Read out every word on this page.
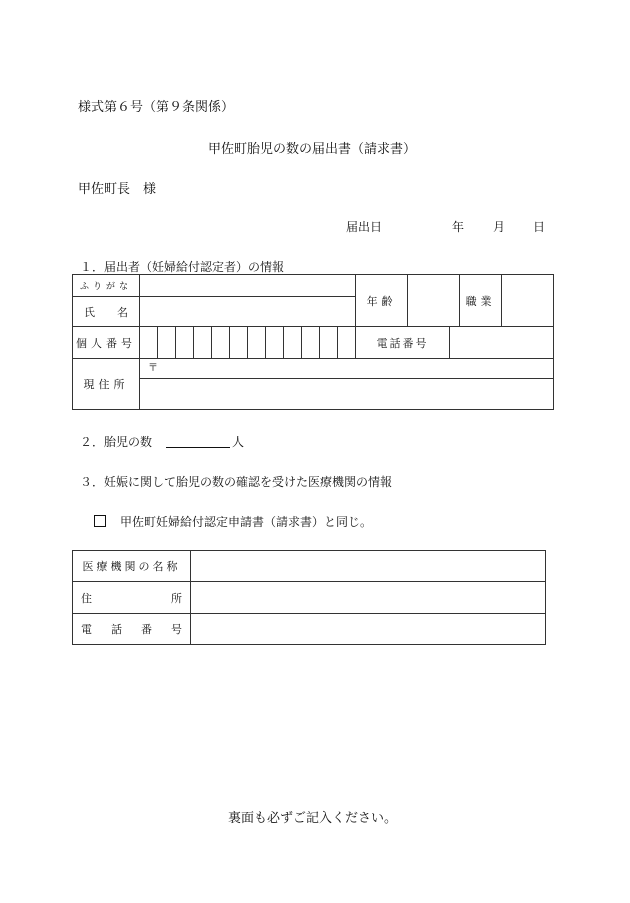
様式第６号（第９条関係）
甲佐町胎児の数の届出書（請求書）
甲佐町長　様
届出日	年 月 日
１．届出者（妊婦給付認定者）の情報
ふりがな													年齢			職業	
氏　　名																	
個人番号													電話番号				
現住所	〒																

２．胎児の数	人
３．妊娠に関して胎児の数の確認を受けた医療機関の情報
甲佐町妊婦給付認定申請書（請求書）と同じ。
医療機関の名称	

住 所	

電 話 番 号	

裏面も必ずご記入ください。
